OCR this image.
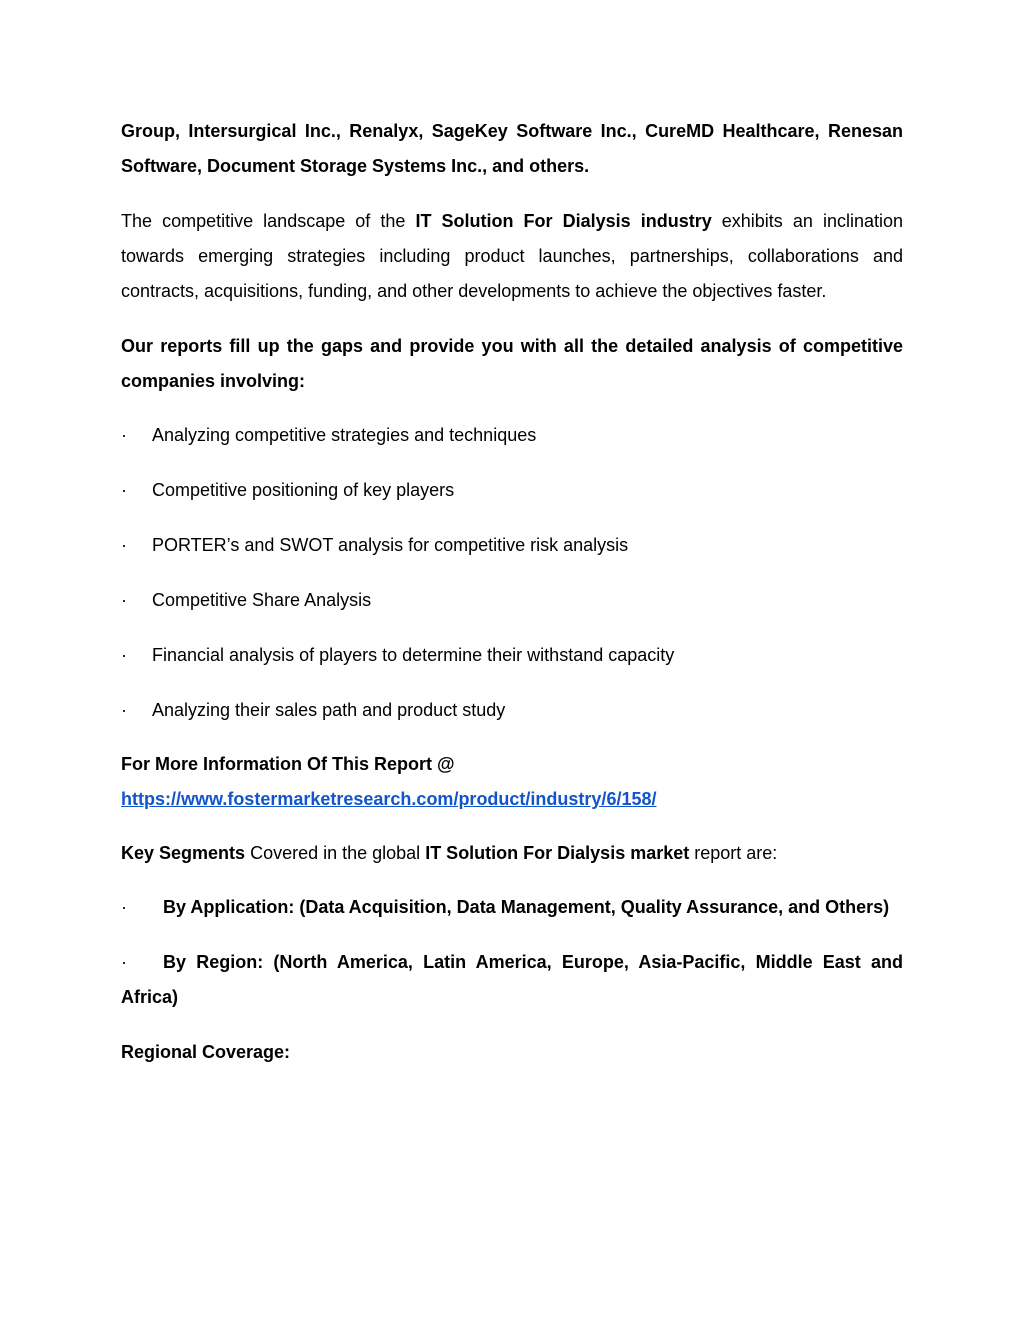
Group, Intersurgical Inc., Renalyx, SageKey Software Inc., CureMD Healthcare, Renesan Software, Document Storage Systems Inc., and others.

The competitive landscape of the IT Solution For Dialysis industry exhibits an inclination towards emerging strategies including product launches, partnerships, collaborations and contracts, acquisitions, funding, and other developments to achieve the objectives faster.

Our reports fill up the gaps and provide you with all the detailed analysis of competitive companies involving:

·	Analyzing competitive strategies and techniques
·	Competitive positioning of key players
·	PORTER’s and SWOT analysis for competitive risk analysis
·	Competitive Share Analysis
·	Financial analysis of players to determine their withstand capacity
·	Analyzing their sales path and product study

For More Information Of This Report @
https://www.fostermarketresearch.com/product/industry/6/158/

Key Segments Covered in the global IT Solution For Dialysis market report are:

· By Application: (Data Acquisition, Data Management, Quality Assurance, and Others)

· By Region: (North America, Latin America, Europe, Asia-Pacific, Middle East and Africa)

Regional Coverage:
